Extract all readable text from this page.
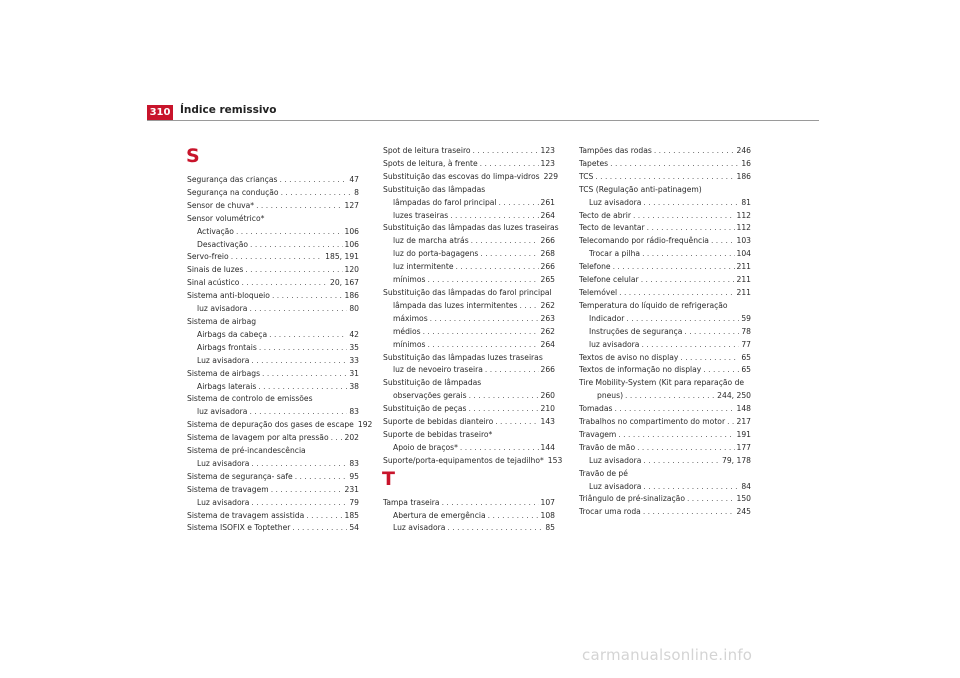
310 Índice remissivo
S
Segurança das crianças . . .	47
Segurança na condução . . .	8
Sensor de chuva* . . .	127
Sensor volumétrico*
Activação . . .	106
Desactivação . . .	106
Servo-freio . . .	185, 191
Sinais de luzes . . .	120
Sinal acústico . . .	20, 167
Sistema anti-bloqueio . . .	186
luz avisadora . . .	80
Sistema de airbag
Airbags da cabeça . . .	42
Airbags frontais . . .	35
Luz avisadora . . .	33
Sistema de airbags . . .	31
Airbags laterais . . .	38
Sistema de controlo de emissões
luz avisadora . . .	83
Sistema de depuração dos gases de escape 192
Sistema de lavagem por alta pressão . . . 202
Sistema de pré-incandescência
Luz avisadora . . .	83
Sistema de segurança- safe . . .	95
Sistema de travagem . . .	231
Luz avisadora . . .	79
Sistema de travagem assistida . . .	185
Sistema ISOFIX e Toptether . . .	54
Spot de leitura traseiro . . .	123
Spots de leitura, à frente . . .	123
Substituição das escovas do limpa-vidros 229
Substituição das lâmpadas
lâmpadas do farol principal . . .	261
luzes traseiras . . .	264
Substituição das lâmpadas das luzes traseiras
luz de marcha atrás . . .	266
luz do porta-bagagens . . .	268
luz intermitente . . .	266
mínimos . . .	265
Substituição das lâmpadas do farol principal
lâmpada das luzes intermitentes . . .	262
máximos . . .	263
médios . . .	262
mínimos . . .	264
Substituição das lâmpadas luzes traseiras
luz de nevoeiro traseira . . .	266
Substituição de lâmpadas
observações gerais . . .	260
Substituição de peças . . .	210
Suporte de bebidas dianteiro . . .	143
Suporte de bebidas traseiro*
Apoio de braços* . . .	144
Suporte/porta-equipamentos de tejadilho* 153
T
Tampa traseira . . .	107
Abertura de emergência . . .	108
Luz avisadora . . .	85
Tampões das rodas . . .	246
Tapetes . . .	16
TCS . . .	186
TCS (Regulação anti-patinagem)
Luz avisadora . . .	81
Tecto de abrir . . .	112
Tecto de levantar . . .	112
Telecomando por rádio-frequência . . .	103
Trocar a pilha . . .	104
Telefone . . .	211
Telefone celular . . .	211
Telemóvel . . .	211
Temperatura do líquido de refrigeração
Indicador . . .	59
Instruções de segurança . . .	78
luz avisadora . . .	77
Textos de aviso no display . . .	65
Textos de informação no display . . .	65
Tire Mobility-System (Kit para reparação de
pneus) . . .	244, 250
Tomadas . . .	148
Trabalhos no compartimento do motor . . . 217
Travagem . . .	191
Travão de mão . . .	177
Luz avisadora . . .	79, 178
Travão de pé
Luz avisadora . . .	84
Triângulo de pré-sinalização . . .	150
Trocar uma roda . . .	245
carmanualsonline.info
